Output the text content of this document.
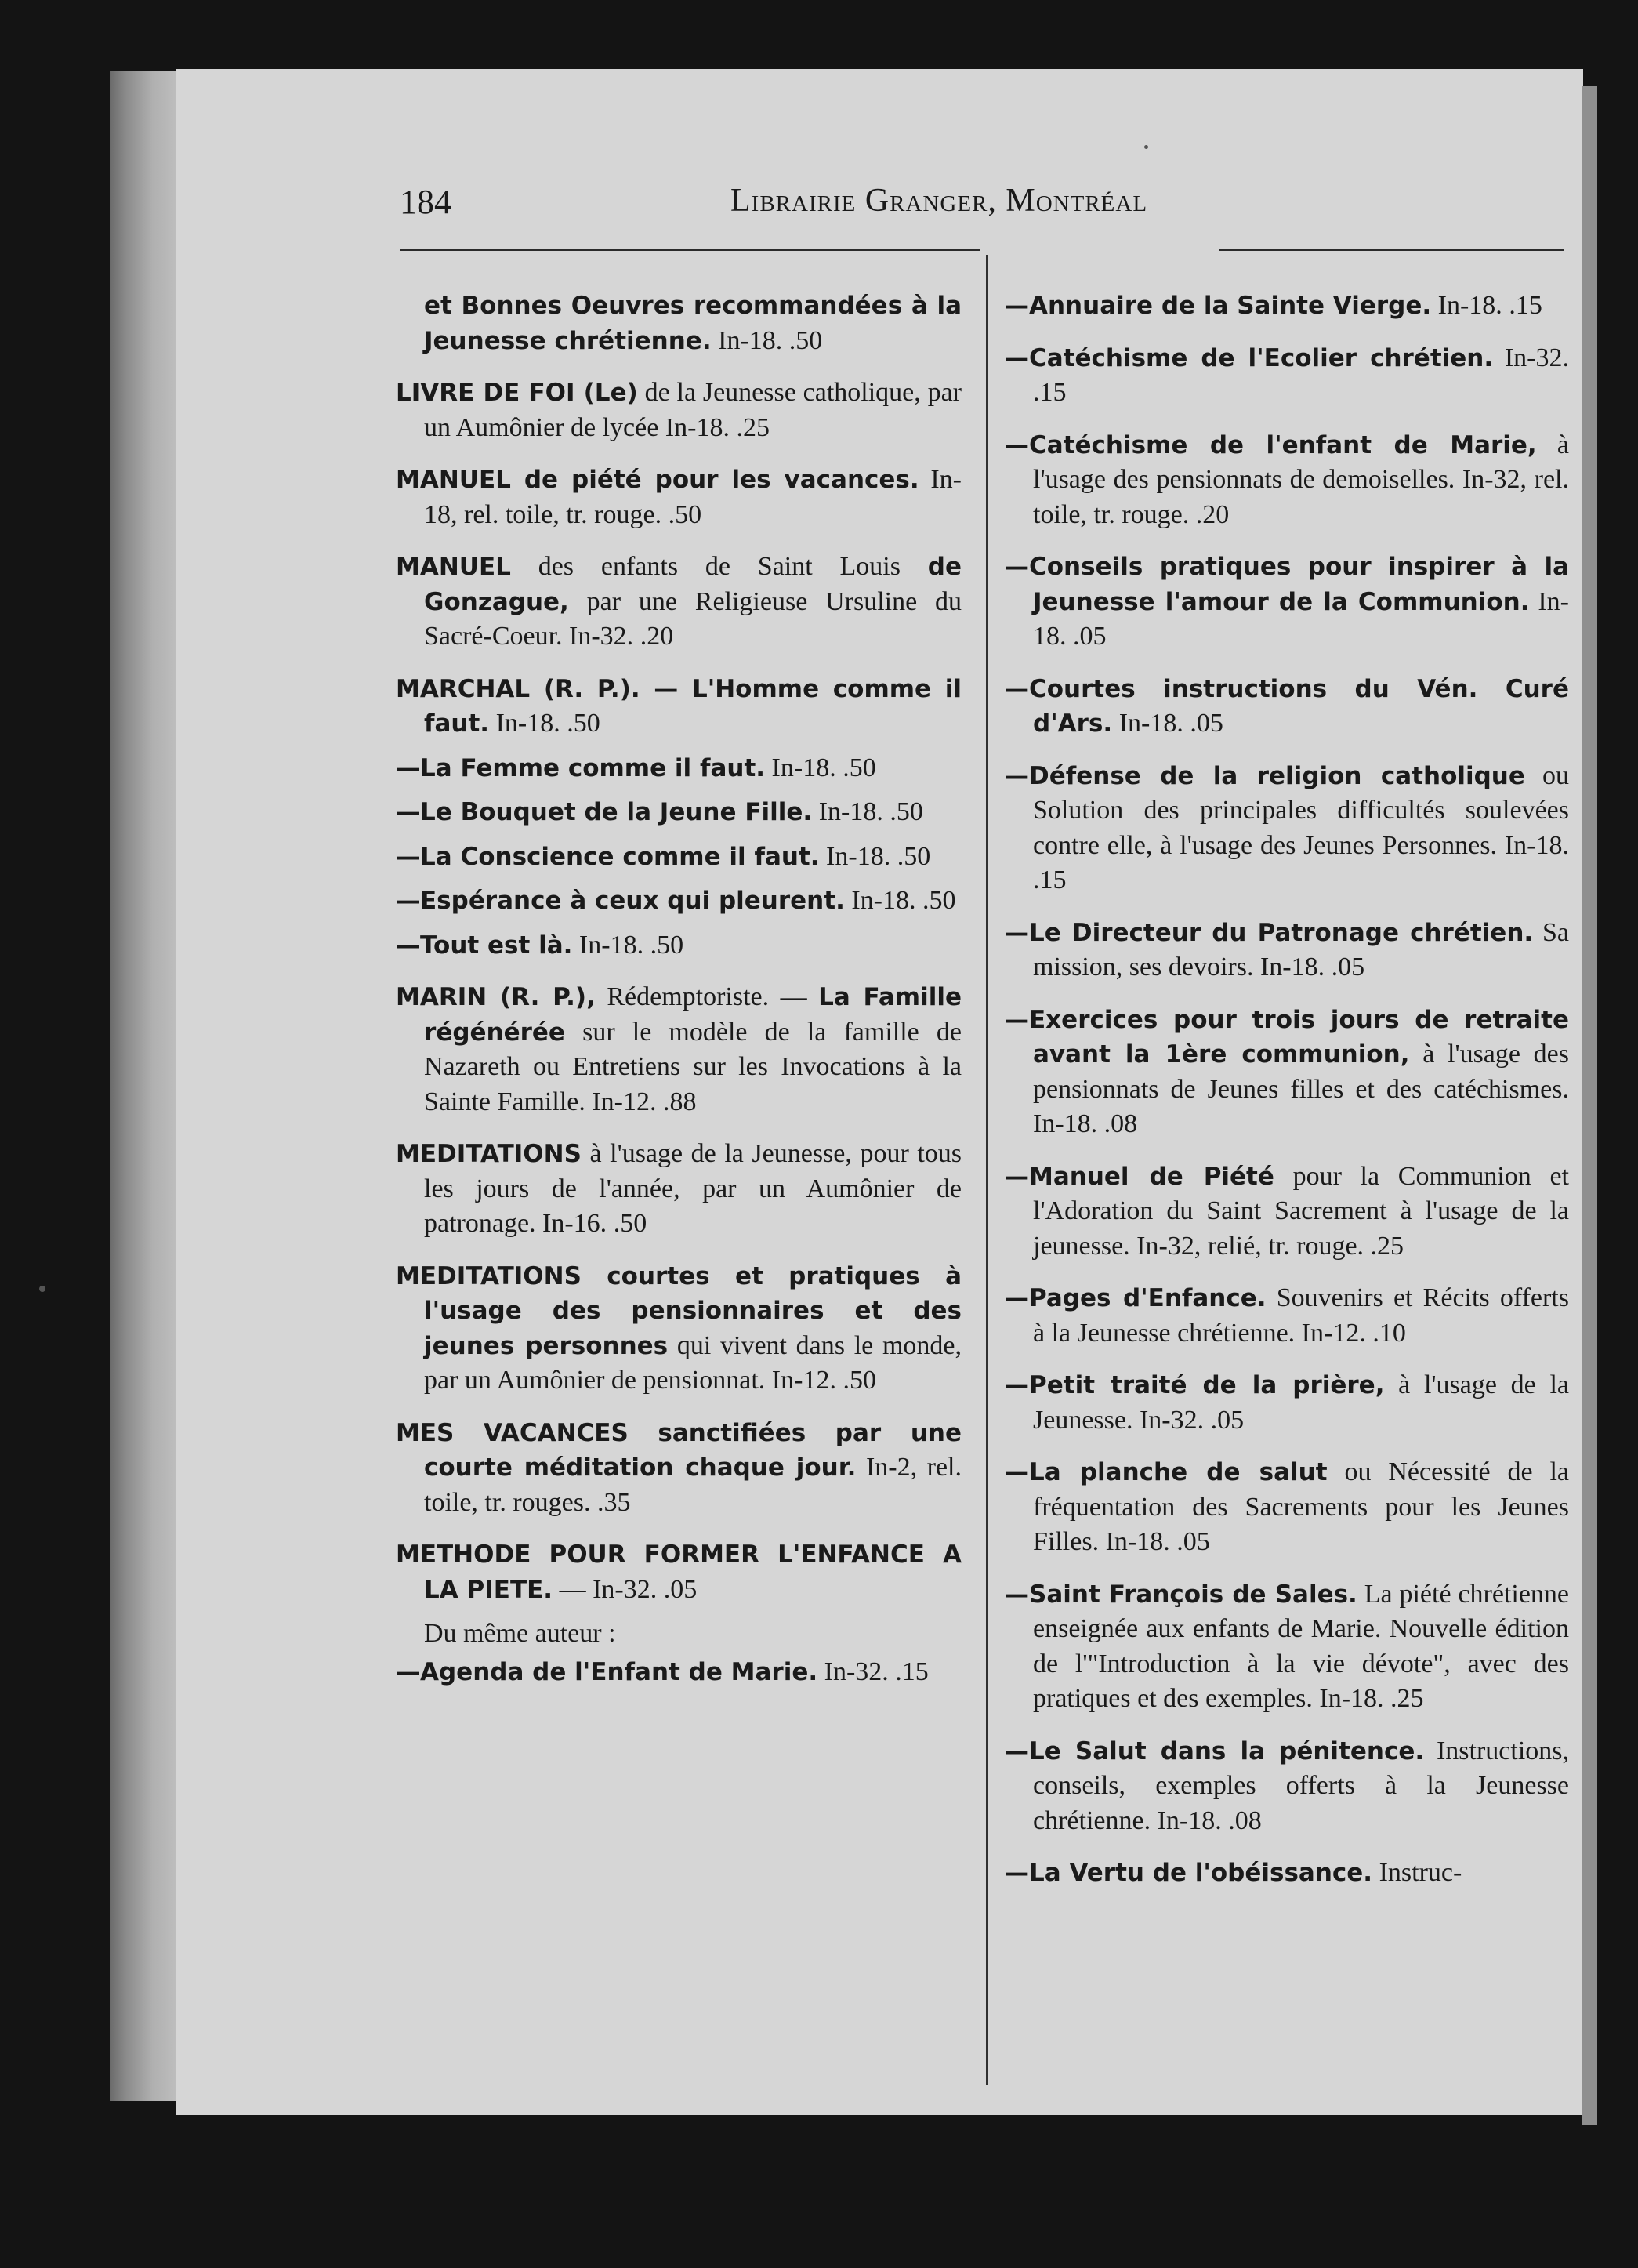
184	Librairie Granger, Montréal

et Bonnes Oeuvres recommandées à la Jeunesse chrétienne. In-18. .50

LIVRE DE FOI (Le) de la Jeunesse catholique, par un Aumônier de lycée In-18. .25

MANUEL de piété pour les vacances. In-18, rel. toile, tr. rouge. .50

MANUEL des enfants de Saint Louis de Gonzague, par une Religieuse Ursuline du Sacré-Coeur. In-32. .20

MARCHAL (R. P.). — L'Homme comme il faut. In-18. .50

—La Femme comme il faut. In-18. .50

—Le Bouquet de la Jeune Fille. In-18. .50

—La Conscience comme il faut. In-18. .50

—Espérance à ceux qui pleurent. In-18. .50

—Tout est là. In-18. .50

MARIN (R. P.), Rédemptoriste. — La Famille régénérée sur le modèle de la famille de Nazareth ou Entretiens sur les Invocations à la Sainte Famille. In-12. .88

MEDITATIONS à l'usage de la Jeunesse, pour tous les jours de l'année, par un Aumônier de patronage. In-16. .50

MEDITATIONS courtes et pratiques à l'usage des pensionnaires et des jeunes personnes qui vivent dans le monde, par un Aumônier de pensionnat. In-12. .50

MES VACANCES sanctifiées par une courte méditation chaque jour. In-2, rel. toile, tr. rouges. .35

METHODE POUR FORMER L'ENFANCE A LA PIETE. — In-32. .05

Du même auteur :

—Agenda de l'Enfant de Marie. In-32. .15

—Annuaire de la Sainte Vierge. In-18. .15

—Catéchisme de l'Ecolier chrétien. In-32. .15

—Catéchisme de l'enfant de Marie, à l'usage des pensionnats de demoiselles. In-32, rel. toile, tr. rouge. .20

—Conseils pratiques pour inspirer à la Jeunesse l'amour de la Communion. In-18. .05

—Courtes instructions du Vén. Curé d'Ars. In-18. .05

—Défense de la religion catholique ou Solution des principales difficultés soulevées contre elle, à l'usage des Jeunes Personnes. In-18. .15

—Le Directeur du Patronage chrétien. Sa mission, ses devoirs. In-18. .05

—Exercices pour trois jours de retraite avant la 1ère communion, à l'usage des pensionnats de Jeunes filles et des catéchismes. In-18. .08

—Manuel de Piété pour la Communion et l'Adoration du Saint Sacrement à l'usage de la jeunesse. In-32, relié, tr. rouge. .25

—Pages d'Enfance. Souvenirs et Récits offerts à la Jeunesse chrétienne. In-12. .10

—Petit traité de la prière, à l'usage de la Jeunesse. In-32. .05

—La planche de salut ou Nécessité de la fréquentation des Sacrements pour les Jeunes Filles. In-18. .05

—Saint François de Sales. La piété chrétienne enseignée aux enfants de Marie. Nouvelle édition de l'"Introduction à la vie dévote", avec des pratiques et des exemples. In-18. .25

—Le Salut dans la pénitence. Instructions, conseils, exemples offerts à la Jeunesse chrétienne. In-18. .08

—La Vertu de l'obéissance. Instruc-
